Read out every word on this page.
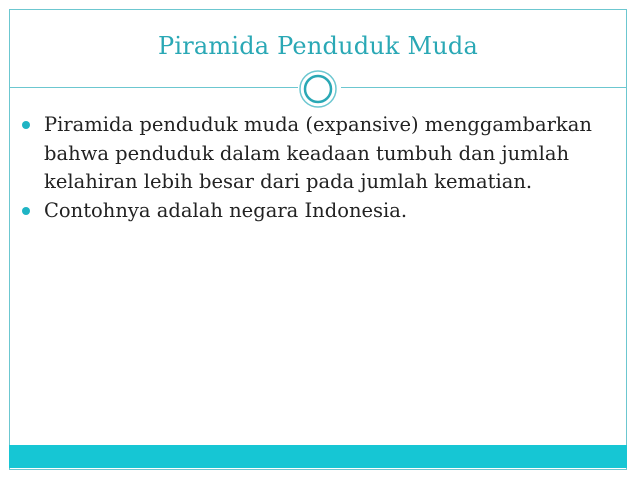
Piramida Penduduk Muda

Piramida penduduk muda (expansive) menggambarkan bahwa penduduk dalam keadaan tumbuh dan jumlah kelahiran lebih besar dari pada jumlah kematian.

Contohnya adalah negara Indonesia.
